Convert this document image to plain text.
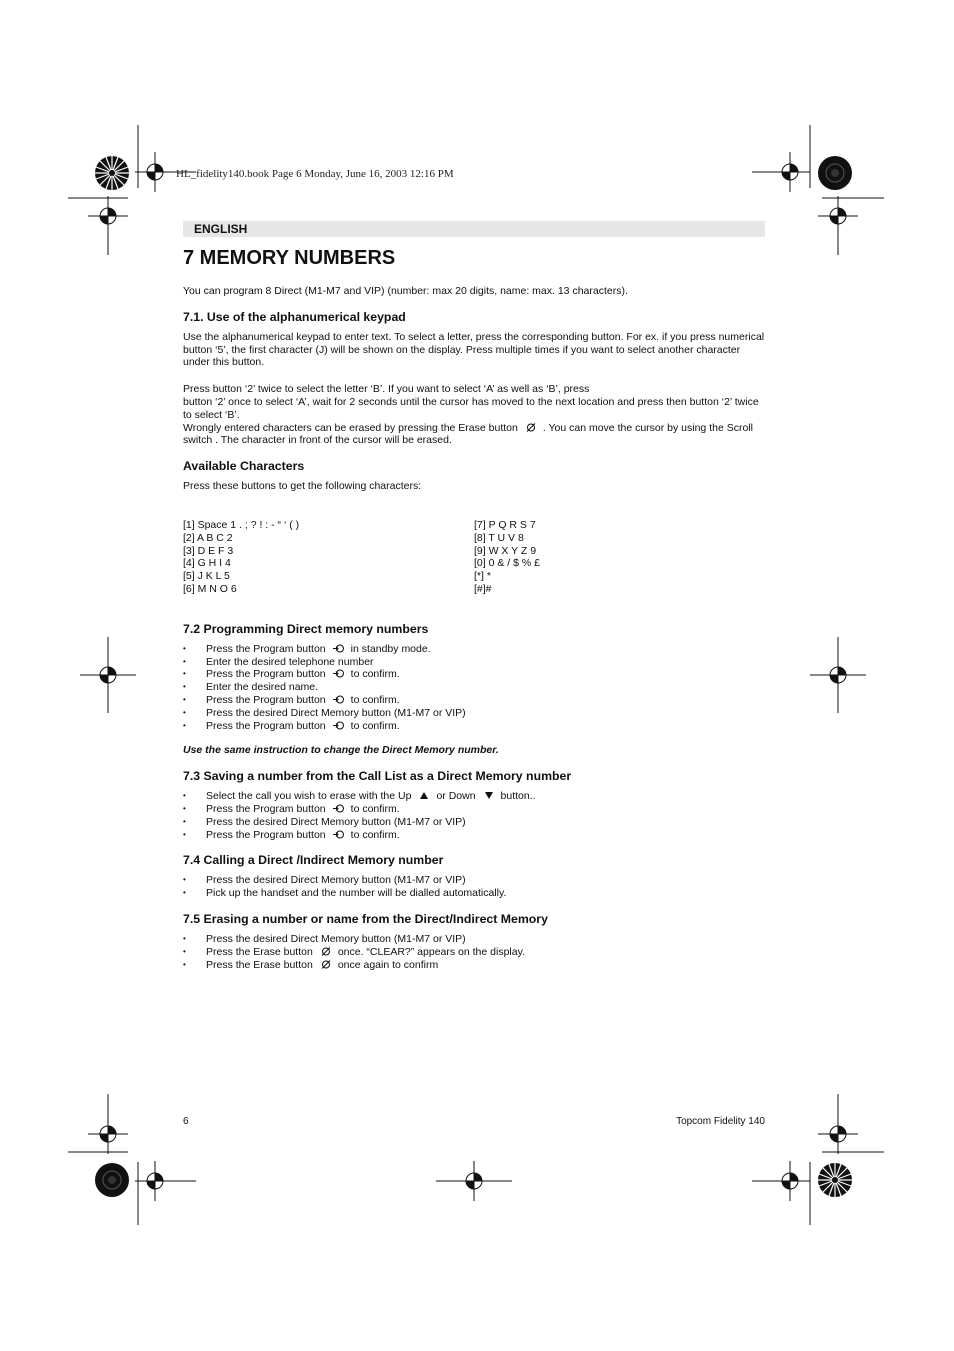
HL_fidelity140.book Page 6 Monday, June 16, 2003 12:16 PM
ENGLISH
7 MEMORY NUMBERS

You can program 8 Direct (M1-M7 and VIP) (number: max 20 digits, name: max. 13 characters).

7.1. Use of the alphanumerical keypad

Use the alphanumerical keypad to enter text. To select a letter, press the corresponding button. For ex. if you press numerical button ‘5’, the first character (J) will be shown on the display. Press multiple times if you want to select another character under this button.

Press button ‘2’ twice to select the letter ‘B’. If you want to select ‘A’ as well as ‘B’, press

button ‘2’ once to select ‘A’, wait for 2 seconds until the cursor has moved to the next location and press then button ‘2’ twice to select ‘B’.

Wrongly entered characters can be erased by pressing the Erase button . You can move the cursor by using the Scroll switch . The character in front of the cursor will be erased.

Available Characters

Press these buttons to get the following characters:

[1] Space 1 . ; ? ! : - “ ‘ ( )
[2] A B C 2
[3] D E F 3
[4] G H I 4
[5] J K L 5
[6] M N O 6
[7] P Q R S 7
[8] T U V 8
[9] W X Y Z 9
[0] 0 & / $ % £
[*] *
[#]#
7.2 Programming Direct memory numbers
• Press the Program button in standby mode.
• Enter the desired telephone number
• Press the Program button to confirm.
• Enter the desired name.
• Press the Program button to confirm.
• Press the desired Direct Memory button (M1-M7 or VIP)
• Press the Program button to confirm.

Use the same instruction to change the Direct Memory number.

7.3 Saving a number from the Call List as a Direct Memory number
• Select the call you wish to erase with the Up or Down button..
• Press the Program button to confirm.
• Press the desired Direct Memory button (M1-M7 or VIP)
• Press the Program button to confirm.
7.4 Calling a Direct /Indirect Memory number
• Press the desired Direct Memory button (M1-M7 or VIP)
• Pick up the handset and the number will be dialled automatically.
7.5 Erasing a number or name from the Direct/Indirect Memory
• Press the desired Direct Memory button (M1-M7 or VIP)
• Press the Erase button once. “CLEAR?” appears on the display.
• Press the Erase button once again to confirm
6	Topcom Fidelity 140
